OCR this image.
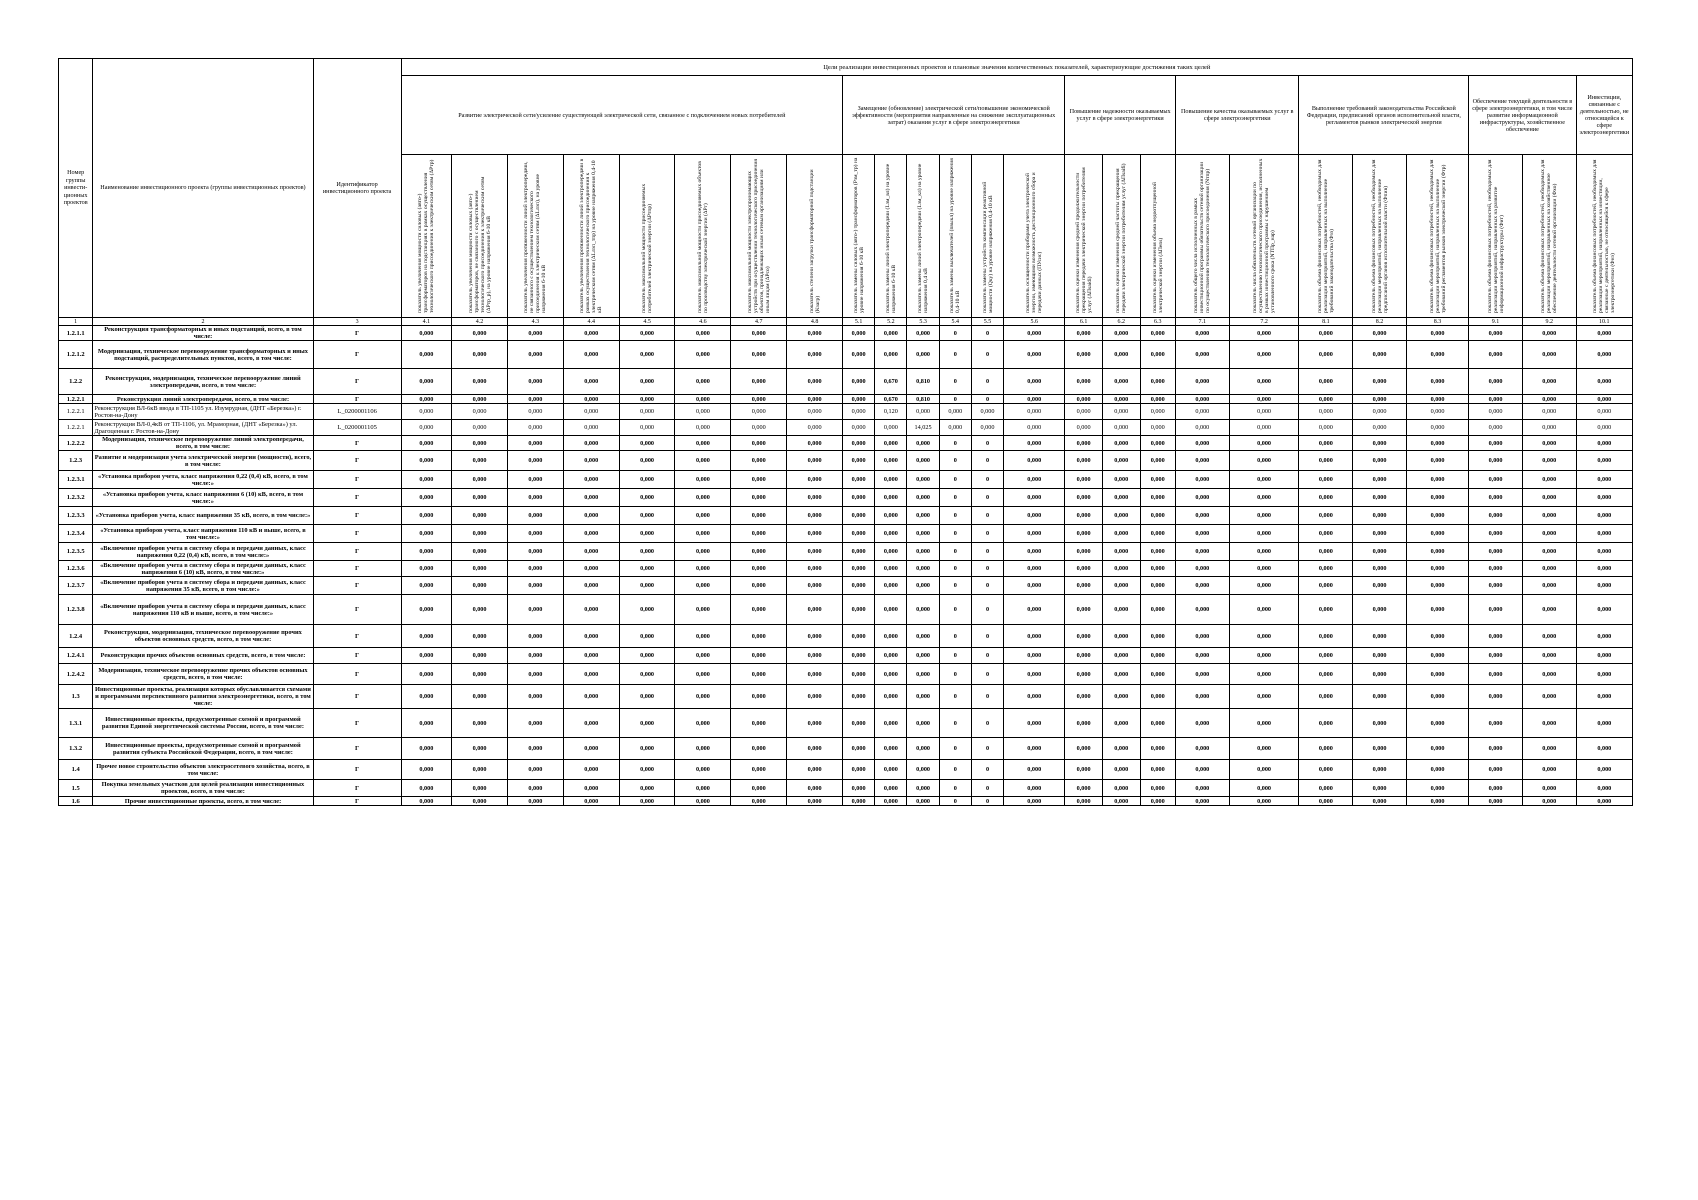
Номер группы инвести-ционных проектов	Наименование инвестиционного проекта (группы инвестиционных проектов)	Идентификатор инвестиционного проекта	Цели реализации инвестиционных проектов и плановые значения количественных показателей, характеризующие достижения таких целей																								
			Развитие электрической сети/усиление существующей электрической сети, связанное с подключением новых потребителей								Замещение (обновление) электрической сети/повышение экономической эффективности (мероприятия направленные на снижение эксплуатационных затрат) оказания услуг в сфере электроэнергетики						Повышение надежности оказываемых услуг в сфере электроэнергетики			Повышение качества оказываемых услуг в сфере электроэнергетики		Выполнение требований законодательства Российской Федерации, предписаний органов исполнительной власти, регламентов рынков электрической энергии			Обеспечение текущей деятельности в сфере электроэнергетики, в том числе развитие информационной инфраструктуры, хозяйственное обеспечение		Инвестиции, связанные с деятельностью, не относящейся к сфере электроэнергетики

			показатель увеличения мощности силовых (авто-) трансформаторов на подстанциях в рамках осуществления технологического присоединения к электрическим сетям (ΔPтр)	показатель увеличения мощности силовых (авто-) трансформаторов, не связанного с осуществлением технологического присоединения к электрическим сетям (ΔPтр_р), на уровне напряжения 6-10 кВ	показатель увеличения протяженности линий электропередачи, не связанного с осуществлением технологического присоединения к электрическим сетям (ΔLлэп), на уровне напряжения 6-10 кВ	показатель увеличения протяженности линий электропередачи в рамках осуществления технологического присоединения к электрическим сетям (ΔLлэп_тпр) на уровне напряжения 0,4-10 кВ	показатель максимальной мощности присоединяемых потребителей электрической энергии (ΔPтпр)	показатель максимальной мощности присоединяемых объектов по производству электрической энергии (ΔPг)	показатель максимальной мощности электропринимающих устройств при осуществлении технологического присоединения объектов, принадлежащих иным сетевым организациям или иным лицам (ΔPсо)	показатель степени загрузки трансформаторной подстанции (Кзагр)	показатель замены силовых (авто-) трансформаторов (Pзм_тр) на уровне напряжения 6-10 кВ	показатель замены линий электропередачи (Lзм_вл) на уровне напряжения 6-10 кВ	показатель замены линий электропередачи (Lзм_кл) на уровне напряжения 0,4 кВ	показатель замены выключателей (nвыкл) на уровне напряжения 0,4-10 кВ	показатель замены устройств компенсации реактивной мощности (Qку) на уровне напряжения 0,4-10 кВ	показатель оснащенности приборами учета электрической энергии, имеющими возможность дистанционного сбора и передачи данных (ПУсис)	показатель оценки изменения средней продолжительности прекращения передачи электрической энергии потребителям услуг (ΔПsaidi)	показатель оценки изменения средней частоты прекращения передачи электрической энергии потребителям услуг (ΔПsaifi)	показатель оценки изменения объема недоотпущенной электрической энергии (ΔПens)	показатель общего числа исполненных в рамках инвестиционной программы обязательств сетевой организации по осуществлению технологического присоединения (Nтпр)	показатель числа обязательств сетевой организации по осуществлению технологического присоединения, исполненных в рамках инвестиционной программы с нарушением установленного срока (NТПр_нар)	показатель объема финансовых потребностей, необходимых для реализации мероприятий, направленных на выполнение требований законодательства (Фзз)	показатель объема финансовых потребностей, необходимых для реализации мероприятий, направленных на выполнение предписаний органов исполнительной власти (Фпив)	показатель объема финансовых потребностей, необходимых для реализации мероприятий, направленных на выполнение требований регламентов рынков электрической энергии (Фтр)	показатель объема финансовых потребностей, необходимых для реализации мероприятий, направленных на развитие информационной инфраструктуры (Фит)	показатель объема финансовых потребностей, необходимых для реализации мероприятий, направленных на хозяйственное обеспечение деятельности сетевой организации (Фхо)	показатель объема финансовых потребностей, необходимых для реализации мероприятий, направленных на инвестиции, связанные с деятельностью, не относящейся к сфере электроэнергетики (Фнэ)

1	2	3	4.1	4.2	4.3	4.4	4.5	4.6	4.7	4.8	5.1	5.2	5.3	5.4	5.5	5.6	6.1	6.2	6.3	7.1	7.2	8.1	8.2	8.3	9.1	9.2	10.1
1.2.1.1	Реконструкция трансформаторных и иных подстанций, всего, в том числе:	Г	0,000	0,000	0,000	0,000	0,000	0,000	0,000	0,000	0,000	0,000	0,000	0	0	0,000	0,000	0,000	0,000	0,000	0,000	0,000	0,000	0,000	0,000	0,000	0,000
1.2.1.2	Модернизация, техническое перевооружение трансформаторных и иных подстанций, распределительных пунктов, всего, в том числе:	Г	0,000	0,000	0,000	0,000	0,000	0,000	0,000	0,000	0,000	0,000	0,000	0	0	0,000	0,000	0,000	0,000	0,000	0,000	0,000	0,000	0,000	0,000	0,000	0,000
1.2.2	Реконструкция, модернизация, техническое перевооружение линий электропередачи, всего, в том числе:	Г	0,000	0,000	0,000	0,000	0,000	0,000	0,000	0,000	0,000	0,670	0,810	0	0	0,000	0,000	0,000	0,000	0,000	0,000	0,000	0,000	0,000	0,000	0,000	0,000
1.2.2.1	Реконструкция линий электропередачи, всего, в том числе:	Г	0,000	0,000	0,000	0,000	0,000	0,000	0,000	0,000	0,000	0,670	0,810	0	0	0,000	0,000	0,000	0,000	0,000	0,000	0,000	0,000	0,000	0,000	0,000	0,000
1.2.2.1	Реконструкция ВЛ-6кВ ввода в ТП-1105 ул. Изумрудная, (ДНТ «Березка») г. Ростов-на-Дону	L_0200001106	0,000	0,000	0,000	0,000	0,000	0,000	0,000	0,000	0,000	0,120	0,000	0,000	0,000	0,000	0,000	0,000	0,000	0,000	0,000	0,000	0,000	0,000	0,000	0,000	0,000
1.2.2.1	Реконструкция ВЛ-0,4кВ от ТП-1106, ул. Мраморная, (ДНТ «Березка») ул. Драгоценная г. Ростов-на-Дону	L_0200001105	0,000	0,000	0,000	0,000	0,000	0,000	0,000	0,000	0,000	0,000	14,025	0,000	0,000	0,000	0,000	0,000	0,000	0,000	0,000	0,000	0,000	0,000	0,000	0,000	0,000
1.2.2.2	Модернизация, техническое перевооружение линий электропередачи, всего, в том числе:	Г	0,000	0,000	0,000	0,000	0,000	0,000	0,000	0,000	0,000	0,000	0,000	0	0	0,000	0,000	0,000	0,000	0,000	0,000	0,000	0,000	0,000	0,000	0,000	0,000
1.2.3	Развитие и модернизация учета электрической энергии (мощности), всего, в том числе:	Г	0,000	0,000	0,000	0,000	0,000	0,000	0,000	0,000	0,000	0,000	0,000	0	0	0,000	0,000	0,000	0,000	0,000	0,000	0,000	0,000	0,000	0,000	0,000	0,000
1.2.3.1	«Установка приборов учета, класс напряжения 0,22 (0,4) кВ, всего, в том числе:»	Г	0,000	0,000	0,000	0,000	0,000	0,000	0,000	0,000	0,000	0,000	0,000	0	0	0,000	0,000	0,000	0,000	0,000	0,000	0,000	0,000	0,000	0,000	0,000	0,000
1.2.3.2	«Установка приборов учета, класс напряжения 6 (10) кВ, всего, в том числе:»	Г	0,000	0,000	0,000	0,000	0,000	0,000	0,000	0,000	0,000	0,000	0,000	0	0	0,000	0,000	0,000	0,000	0,000	0,000	0,000	0,000	0,000	0,000	0,000	0,000
1.2.3.3	«Установка приборов учета, класс напряжения 35 кВ, всего, в том числе:»	Г	0,000	0,000	0,000	0,000	0,000	0,000	0,000	0,000	0,000	0,000	0,000	0	0	0,000	0,000	0,000	0,000	0,000	0,000	0,000	0,000	0,000	0,000	0,000	0,000
1.2.3.4	«Установка приборов учета, класс напряжения 110 кВ и выше, всего, в том числе:»	Г	0,000	0,000	0,000	0,000	0,000	0,000	0,000	0,000	0,000	0,000	0,000	0	0	0,000	0,000	0,000	0,000	0,000	0,000	0,000	0,000	0,000	0,000	0,000	0,000
1.2.3.5	«Включение приборов учета в систему сбора и передачи данных, класс напряжения 0,22 (0,4) кВ, всего, в том числе:»	Г	0,000	0,000	0,000	0,000	0,000	0,000	0,000	0,000	0,000	0,000	0,000	0	0	0,000	0,000	0,000	0,000	0,000	0,000	0,000	0,000	0,000	0,000	0,000	0,000
1.2.3.6	«Включение приборов учета в систему сбора и передачи данных, класс напряжения 6 (10) кВ, всего, в том числе:»	Г	0,000	0,000	0,000	0,000	0,000	0,000	0,000	0,000	0,000	0,000	0,000	0	0	0,000	0,000	0,000	0,000	0,000	0,000	0,000	0,000	0,000	0,000	0,000	0,000
1.2.3.7	«Включение приборов учета в систему сбора и передачи данных, класс напряжения 35 кВ, всего, в том числе:»	Г	0,000	0,000	0,000	0,000	0,000	0,000	0,000	0,000	0,000	0,000	0,000	0	0	0,000	0,000	0,000	0,000	0,000	0,000	0,000	0,000	0,000	0,000	0,000	0,000
1.2.3.8	«Включение приборов учета в систему сбора и передачи данных, класс напряжения 110 кВ и выше, всего, в том числе:»	Г	0,000	0,000	0,000	0,000	0,000	0,000	0,000	0,000	0,000	0,000	0,000	0	0	0,000	0,000	0,000	0,000	0,000	0,000	0,000	0,000	0,000	0,000	0,000	0,000
1.2.4	Реконструкция, модернизация, техническое перевооружение прочих объектов основных средств, всего, в том числе:	Г	0,000	0,000	0,000	0,000	0,000	0,000	0,000	0,000	0,000	0,000	0,000	0	0	0,000	0,000	0,000	0,000	0,000	0,000	0,000	0,000	0,000	0,000	0,000	0,000
1.2.4.1	Реконструкция прочих объектов основных средств, всего, в том числе:	Г	0,000	0,000	0,000	0,000	0,000	0,000	0,000	0,000	0,000	0,000	0,000	0	0	0,000	0,000	0,000	0,000	0,000	0,000	0,000	0,000	0,000	0,000	0,000	0,000
1.2.4.2	Модернизация, техническое перевооружение прочих объектов основных средств, всего, в том числе:	Г	0,000	0,000	0,000	0,000	0,000	0,000	0,000	0,000	0,000	0,000	0,000	0	0	0,000	0,000	0,000	0,000	0,000	0,000	0,000	0,000	0,000	0,000	0,000	0,000
1.3	Инвестиционные проекты, реализация которых обуславливается схемами и программами перспективного развития электроэнергетики, всего, в том числе:	Г	0,000	0,000	0,000	0,000	0,000	0,000	0,000	0,000	0,000	0,000	0,000	0	0	0,000	0,000	0,000	0,000	0,000	0,000	0,000	0,000	0,000	0,000	0,000	0,000
1.3.1	Инвестиционные проекты, предусмотренные схемой и программой развития Единой энергетической системы России, всего, в том числе:	Г	0,000	0,000	0,000	0,000	0,000	0,000	0,000	0,000	0,000	0,000	0,000	0	0	0,000	0,000	0,000	0,000	0,000	0,000	0,000	0,000	0,000	0,000	0,000	0,000
1.3.2	Инвестиционные проекты, предусмотренные схемой и программой развития субъекта Российской Федерации, всего, в том числе:	Г	0,000	0,000	0,000	0,000	0,000	0,000	0,000	0,000	0,000	0,000	0,000	0	0	0,000	0,000	0,000	0,000	0,000	0,000	0,000	0,000	0,000	0,000	0,000	0,000
1.4	Прочее новое строительство объектов электросетевого хозяйства, всего, в том числе:	Г	0,000	0,000	0,000	0,000	0,000	0,000	0,000	0,000	0,000	0,000	0,000	0	0	0,000	0,000	0,000	0,000	0,000	0,000	0,000	0,000	0,000	0,000	0,000	0,000
1.5	Покупка земельных участков для целей реализации инвестиционных проектов, всего, в том числе:	Г	0,000	0,000	0,000	0,000	0,000	0,000	0,000	0,000	0,000	0,000	0,000	0	0	0,000	0,000	0,000	0,000	0,000	0,000	0,000	0,000	0,000	0,000	0,000	0,000
1.6	Прочие инвестиционные проекты, всего, в том числе:	Г	0,000	0,000	0,000	0,000	0,000	0,000	0,000	0,000	0,000	0,000	0,000	0	0	0,000	0,000	0,000	0,000	0,000	0,000	0,000	0,000	0,000	0,000	0,000	0,000
